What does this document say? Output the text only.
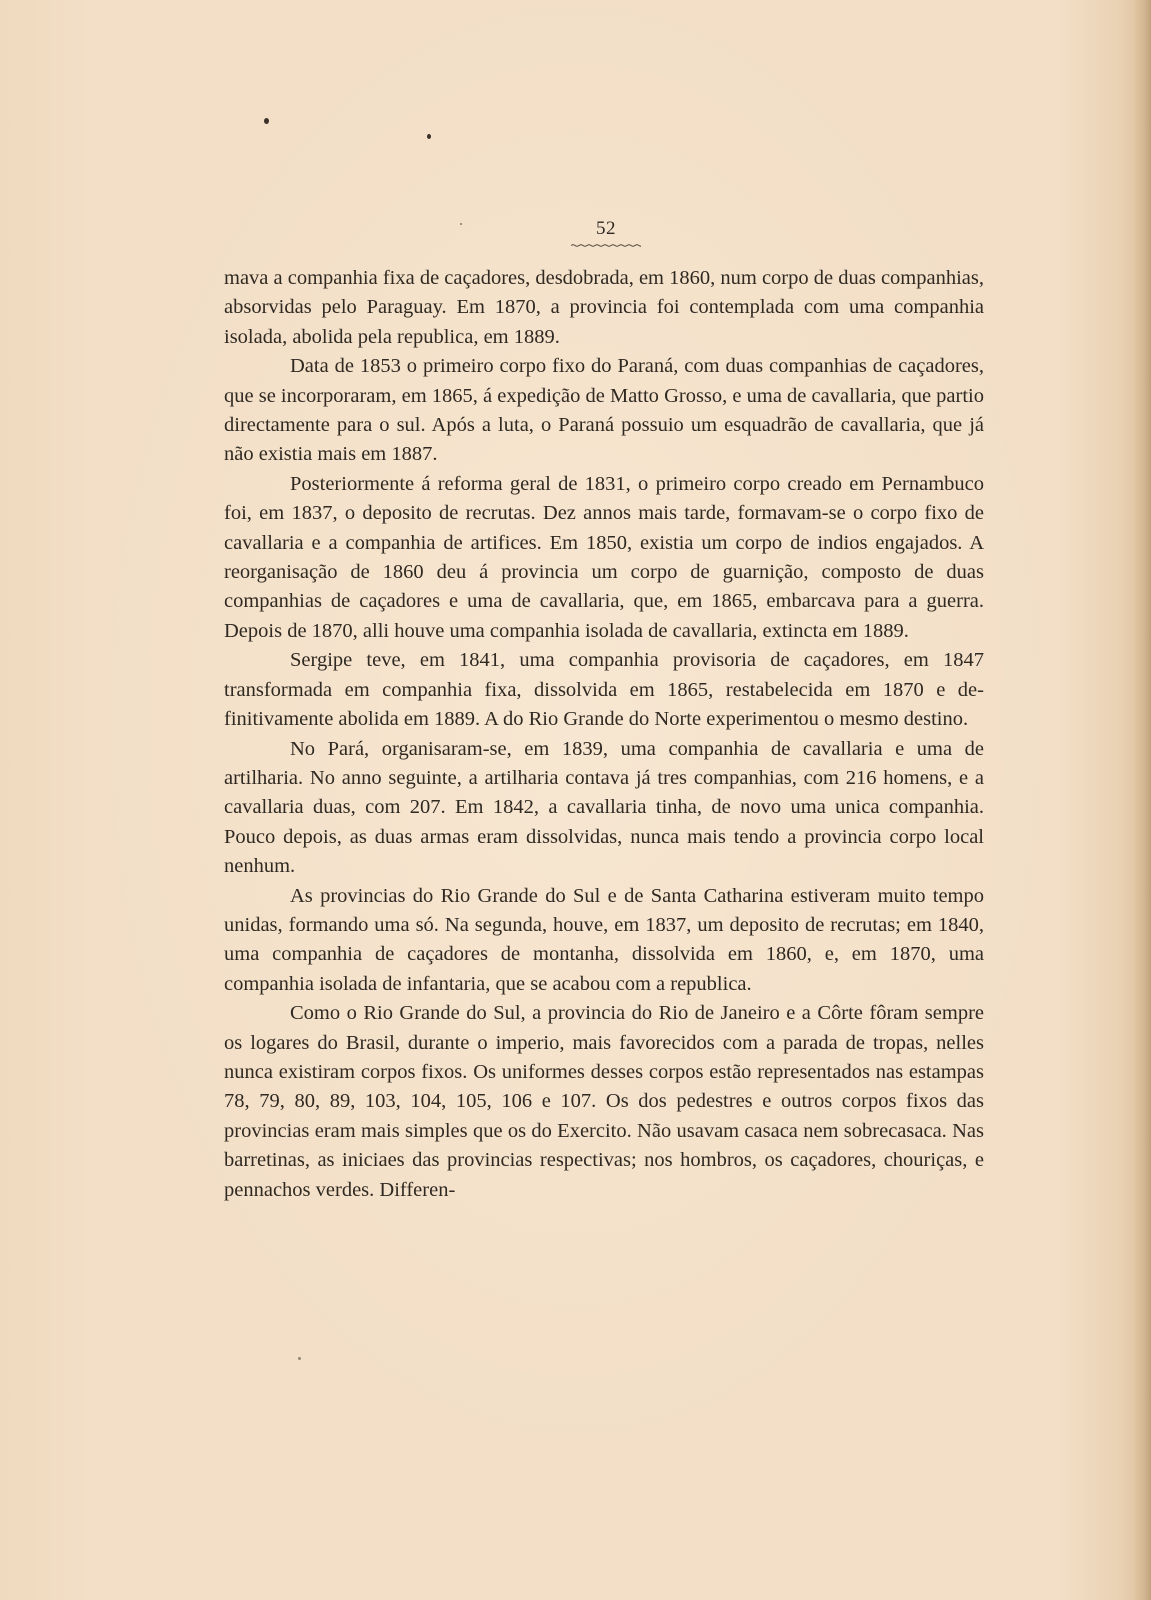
52

mava a companhia fixa de caçadores, desdobrada, em 1860, num corpo de duas companhias, absorvidas pelo Paraguay. Em 1870, a provincia foi contemplada com uma companhia isolada, abolida pela republica, em 1889.

Data de 1853 o primeiro corpo fixo do Paraná, com duas companhias de caçadores, que se incorporaram, em 1865, á expedição de Matto Grosso, e uma de cavallaria, que partio directamente para o sul. Após a luta, o Paraná possuio um esquadrão de cavallaria, que já não existia mais em 1887.

Posteriormente á reforma geral de 1831, o primeiro corpo creado em Pernambuco foi, em 1837, o deposito de recrutas. Dez annos mais tarde, formavam-se o corpo fixo de cavallaria e a companhia de artifices. Em 1850, existia um corpo de indios engajados. A reorganisação de 1860 deu á provincia um corpo de guarnição, composto de duas companhias de caçadores e uma de cavallaria, que, em 1865, embarcava para a guerra. Depois de 1870, alli houve uma companhia isolada de cavallaria, extincta em 1889.

Sergipe teve, em 1841, uma companhia provisoria de caçadores, em 1847 transformada em companhia fixa, dissolvida em 1865, restabelecida em 1870 e definitivamente abolida em 1889. A do Rio Grande do Norte experimentou o mesmo destino.

No Pará, organisaram-se, em 1839, uma companhia de cavallaria e uma de artilharia. No anno seguinte, a artilharia contava já tres companhias, com 216 homens, e a cavallaria duas, com 207. Em 1842, a cavallaria tinha, de novo uma unica companhia. Pouco depois, as duas armas eram dissolvidas, nunca mais tendo a provincia corpo local nenhum.

As provincias do Rio Grande do Sul e de Santa Catharina estiveram muito tempo unidas, formando uma só. Na segunda, houve, em 1837, um deposito de recrutas; em 1840, uma companhia de caçadores de montanha, dissolvida em 1860, e, em 1870, uma companhia isolada de infantaria, que se acabou com a republica.

Como o Rio Grande do Sul, a provincia do Rio de Janeiro e a Côrte fôram sempre os logares do Brasil, durante o imperio, mais favorecidos com a parada de tropas, nelles nunca existiram corpos fixos. Os uniformes desses corpos estão representados nas estampas 78, 79, 80, 89, 103, 104, 105, 106 e 107. Os dos pedestres e outros corpos fixos das provincias eram mais simples que os do Exercito. Não usavam casaca nem sobrecasaca. Nas barretinas, as iniciaes das provincias respectivas; nos hombros, os caçadores, chouriças, e pennachos verdes. Differen-
